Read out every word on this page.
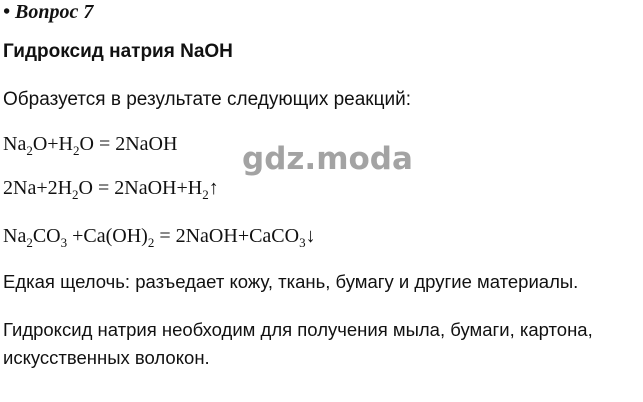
• Вопрос 7
Гидроксид натрия NaOH
Образуется в результате следующих реакций:
$Na_2O+H_2O$ = 2NaOH
$2Na+2H_2O$ = $2NaOH+H_2↑$
$Na_2CO_3 +Ca(OH)_2$ = 2NaOH+CaCO$_3$↓
Едкая щелочь: разъедает кожу, ткань, бумагу и другие материалы.
Гидроксид натрия необходим для получения мыла, бумаги, картона, искусственных волокон.
gdz.moda
